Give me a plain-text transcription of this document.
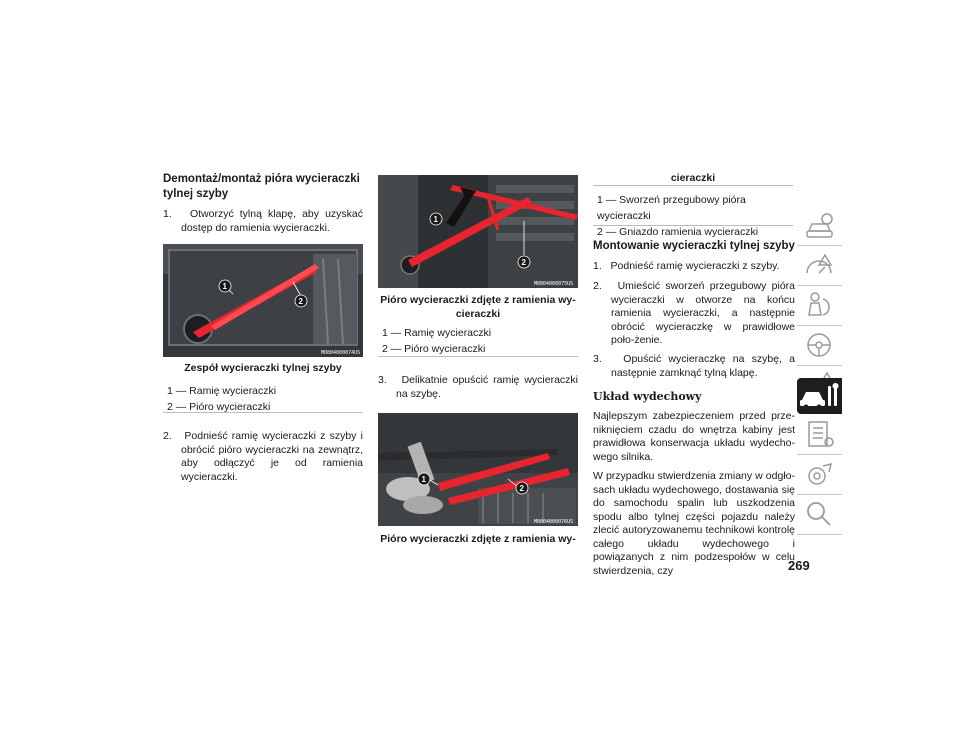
Demontaż/montaż pióra wycieraczki tylnej szyby
1. Otworzyć tylną klapę, aby uzyskać dostęp do ramienia wycieraczki.
1
2
M0804000074US
Zespół wycieraczki tylnej szyby
1 — Ramię wycieraczki
2 — Pióro wycieraczki
2. Podnieść ramię wycieraczki z szyby i obrócić pióro wycieraczki na zewnątrz, aby odłączyć je od ramienia wycieraczki.
1
2
M0804000075US
Pióro wycieraczki zdjęte z ramienia wy-cieraczki
1 — Ramię wycieraczki
2 — Pióro wycieraczki
3. Delikatnie opuścić ramię wycieraczki na szybę.
1
2
M0804000076US
Pióro wycieraczki zdjęte z ramienia wy-
cieraczki
1 — Sworzeń przegubowy pióra wycieraczki
2 — Gniazdo ramienia wycieraczki
Montowanie wycieraczki tylnej szyby
1. Podnieść ramię wycieraczki z szyby.
2. Umieścić sworzeń przegubowy pióra wycieraczki w otworze na końcu ramienia wycieraczki, a następnie obrócić wycieraczkę w prawidłowe poło-żenie.
3. Opuścić wycieraczkę na szybę, a następnie zamknąć tylną klapę.
Układ wydechowy
Najlepszym zabezpieczeniem przed prze-niknięciem czadu do wnętrza kabiny jest prawidłowa konserwacja układu wydecho-wego silnika.
W przypadku stwierdzenia zmiany w odgło-sach układu wydechowego, dostawania się do samochodu spalin lub uszkodzenia spodu albo tylnej części pojazdu należy zlecić autoryzowanemu technikowi kontrolę całego układu wydechowego i powiązanych z nim podzespołów w celu stwierdzenia, czy	269
